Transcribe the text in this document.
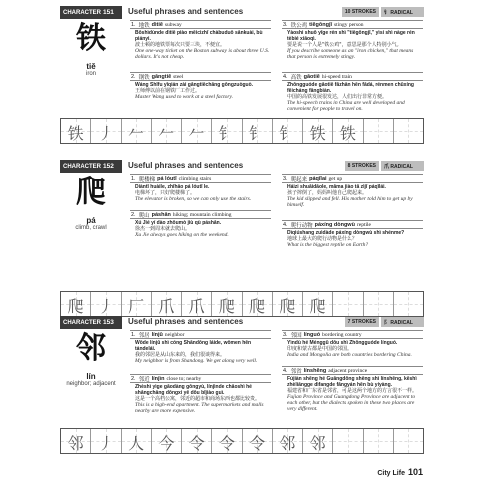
CHARACTER 151	Useful phrases and sentences	10 STROKES	钅 RADICAL
铁
tiě
iron
1. 地铁 dìtiě subway
Bōshìdùnde dìtiě piào měicìzhǐ chàbuduō sānkuài, bù piányi.
波士顿的地铁票每次只要三块，不便宜。
One one-way ticket on the Boston subway is about three U.S. dollars. It's not cheap.
2. 钢铁 gāngtiě steel
Wáng Shīfu yǐqián zài gāngtiěchǎng gōngzuòguò.
王师傅以前在钢铁厂工作过。
Master Wang used to work at a steel factory.
3. 铁公鸡 tiěgōngjī stingy person
Yàoshi shuō yīge rén shì "tiěgōngjī," yìsi shì nàge rén tèbié xiǎoqì.
要是说一个人是"铁公鸡"，意思是那个人特别小气。
If you describe someone as an "iron chicken," that means that person is extremely stingy.
4. 高铁 gāotiě hi-speed train
Zhōngguóde gāotiě fāzhǎn hěn fādá, rénmen chūxíng fēicháng fāngbiàn.
中国的高铁发展很发达，人们出行非常方便。
The hi-speech trains in China are well developed and convenient for people to travel on.
铁 丿 𠂉 𠂉 𠂉 钅 钅 钅 铁 铁
CHARACTER 152	Useful phrases and sentences	8 STROKES	爪 RADICAL
爬
pá
climb, crawl
1. 爬楼梯 pá lóutī climbing stairs
Diàntī huàile, zhǐhǎo pá lóutī le.
电梯坏了，只好爬楼梯了。
The elevator is broken, so we can only use the stairs.
2. 爬山 páshān hiking; mountain climbing
Xú Jié yí dào zhōumò jiù qù páshān.
徐杰一到周末就去爬山。
Xu Jie always goes hiking on the weekend.
3. 爬起来 páqǐlai get up
Háizi shuāidǎole, māma jiào tā zìjǐ páqǐlái.
孩子摔倒了，妈妈叫他自己爬起来。
The kid slipped and fell. His mother told him to get up by himself.
4. 爬行动物 páxíng dòngwù reptile
Dìqiúshang zuìdàde páxíng dòngwù shì shénme?
地球上最大的爬行动物是什么？
What is the biggest reptile on Earth?
爬 丿 厂 爪 爪 爬 爬 爬 爬
CHARACTER 153	Useful phrases and sentences	7 STROKES	阝 RADICAL
邻
lín
neighbor; adjacent
1. 邻居 línjū neighbor
Wǒde línjū shì cóng Shāndōng láide, wǒmen hěn tándelái.
我的邻居是从山东来的，我们很谈得来。
My neighbor is from Shandong. We get along very well.
2. 邻近 línjìn close to; nearby
Zhèshì yìge gāodàng gōngyù, línjìnde chāoshì hé shāngchǎng dōngxi yě dōu bǐjiào guì.
这是一个高档公寓，邻近的超市和商场东西也都比较贵。
This is a high-end apartment. The supermarkets and malls nearby are more expensive.
3. 邻国 línguó bordering country
Yìndù hé Ménggǔ dōu shì Zhōngguóde línguó.
印度和蒙古都是中国的邻国。
India and Mongolia are both countries bordering China.
4. 邻省 línshěng adjacent province
Fújiàn shěng hé Guǎngdōng shěng shì línshěng, kěshì zhèliǎngge dìfangde fāngyán hěn bù yíyàng.
福建省和广东省是邻省，可是这两个地方的方言很不一样。
Fujian Province and Guangdong Province are adjacent to each other, but the dialects spoken in these two places are very different.
邻 丿 人 今 令 令 令 邻 邻
City Life 101
